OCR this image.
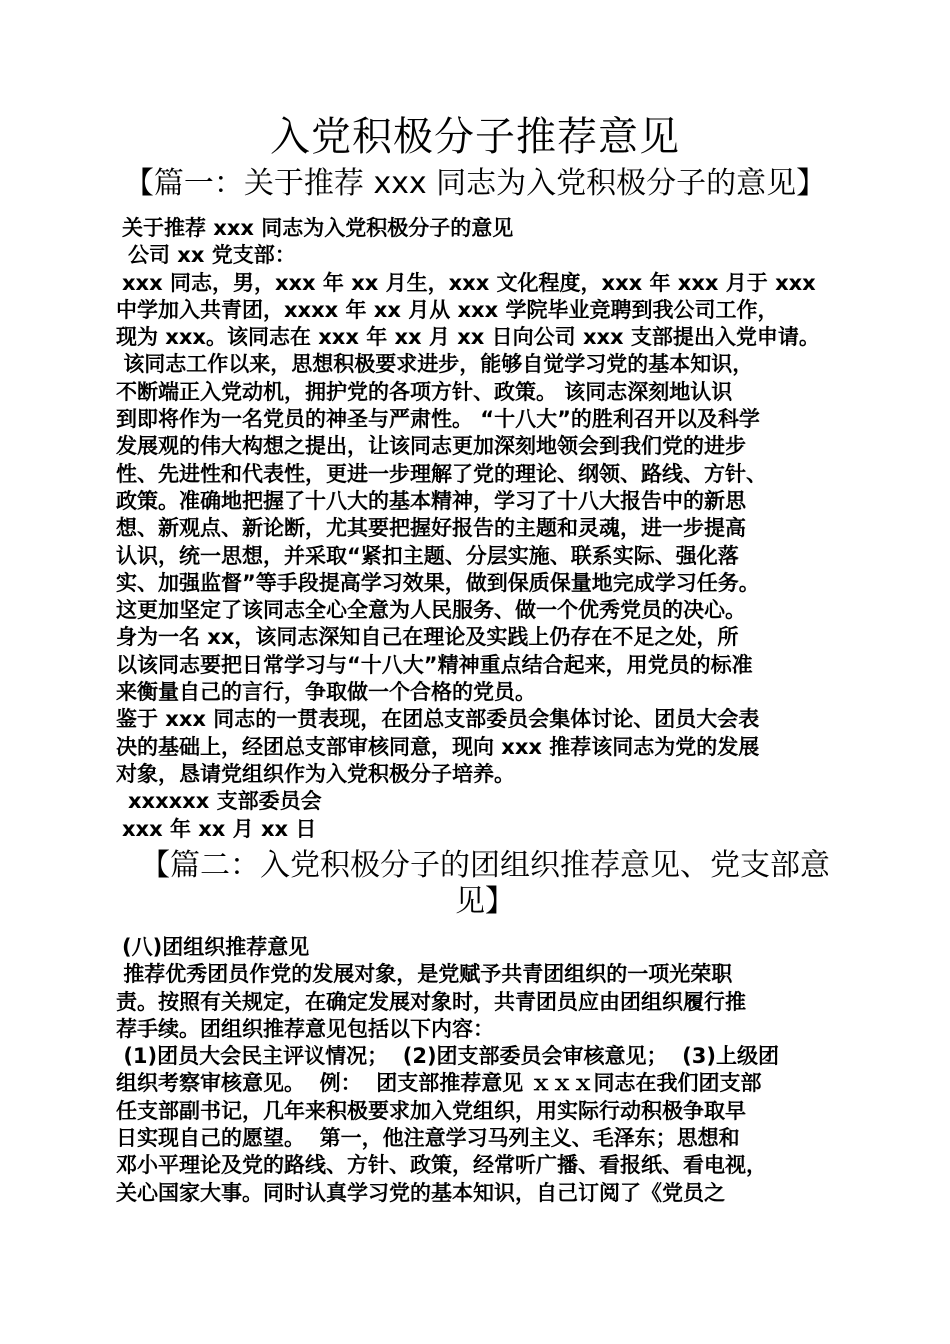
入党积极分子推荐意见
【篇一：关于推荐 xxx 同志为入党积极分子的意见】

关于推荐 xxx 同志为入党积极分子的意见

公司 xx 党支部：

xxx 同志，男，xxx 年 xx 月生，xxx 文化程度，xxx 年 xxx 月于 xxx

中学加入共青团，xxxx 年 xx 月从 xxx 学院毕业竞聘到我公司工作，

现为 xxx。该同志在 xxx 年 xx 月 xx 日向公司 xxx 支部提出入党申请。

该同志工作以来，思想积极要求进步，能够自觉学习党的基本知识，

不断端正入党动机，拥护党的各项方针、政策。 该同志深刻地认识

到即将作为一名党员的神圣与严肃性。 “十八大”的胜利召开以及科学

发展观的伟大构想之提出，让该同志更加深刻地领会到我们党的进步

性、先进性和代表性，更进一步理解了党的理论、纲领、路线、方针、

政策。准确地把握了十八大的基本精神，学习了十八大报告中的新思

想、新观点、新论断，尤其要把握好报告的主题和灵魂，进一步提高

认识，统一思想，并采取“紧扣主题、分层实施、联系实际、强化落

实、加强监督”等手段提高学习效果，做到保质保量地完成学习任务。

这更加坚定了该同志全心全意为人民服务、做一个优秀党员的决心。

身为一名 xx，该同志深知自己在理论及实践上仍存在不足之处，所

以该同志要把日常学习与“十八大”精神重点结合起来，用党员的标准

来衡量自己的言行，争取做一个合格的党员。

鉴于 xxx 同志的一贯表现，在团总支部委员会集体讨论、团员大会表

决的基础上，经团总支部审核同意，现向 xxx 推荐该同志为党的发展

对象，恳请党组织作为入党积极分子培养。

xxxxxx 支部委员会

xxx 年 xx 月 xx 日

【篇二：入党积极分子的团组织推荐意见、党支部意见】

(八)团组织推荐意见

推荐优秀团员作党的发展对象，是党赋予共青团组织的一项光荣职

责。按照有关规定，在确定发展对象时，共青团员应由团组织履行推

荐手续。团组织推荐意见包括以下内容：

(1)团员大会民主评议情况；  (2)团支部委员会审核意见；  (3)上级团

组织考察审核意见。  例：  团支部推荐意见 ｘｘｘ同志在我们团支部

任支部副书记，几年来积极要求加入党组织，用实际行动积极争取早

日实现自己的愿望。  第一，他注意学习马列主义、毛泽东；思想和

邓小平理论及党的路线、方针、政策，经常听广播、看报纸、看电视，

关心国家大事。同时认真学习党的基本知识，自己订阅了《党员之
